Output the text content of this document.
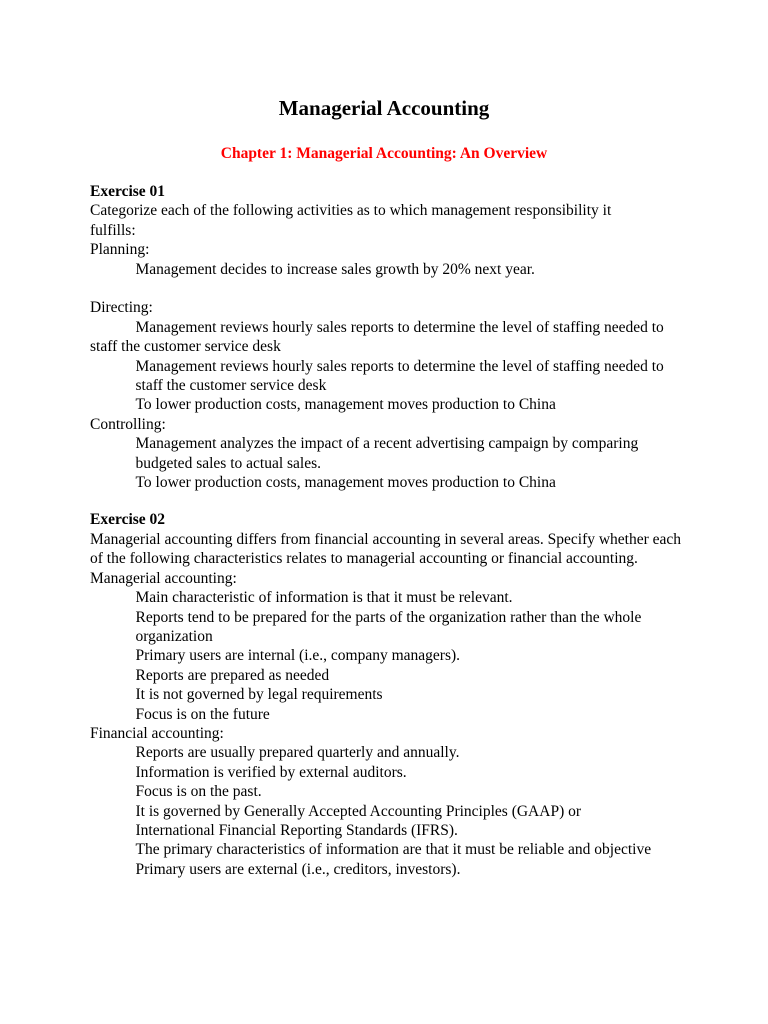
Managerial Accounting
Chapter 1: Managerial Accounting: An Overview
Exercise 01
Categorize each of the following activities as to which management responsibility it fulfills:
Planning:
Management decides to increase sales growth by 20% next year.
Directing:
Management reviews hourly sales reports to determine the level of staffing needed to staff the customer service desk
Management reviews hourly sales reports to determine the level of staffing needed to staff the customer service desk
To lower production costs, management moves production to China
Controlling:
Management analyzes the impact of a recent advertising campaign by comparing budgeted sales to actual sales.
To lower production costs, management moves production to China
Exercise 02
Managerial accounting differs from financial accounting in several areas. Specify whether each of the following characteristics relates to managerial accounting or financial accounting.
Managerial accounting:
Main characteristic of information is that it must be relevant.
Reports tend to be prepared for the parts of the organization rather than the whole organization
Primary users are internal (i.e., company managers).
Reports are prepared as needed
It is not governed by legal requirements
Focus is on the future
Financial accounting:
Reports are usually prepared quarterly and annually.
Information is verified by external auditors.
Focus is on the past.
It is governed by Generally Accepted Accounting Principles (GAAP) or International Financial Reporting Standards (IFRS).
The primary characteristics of information are that it must be reliable and objective
Primary users are external (i.e., creditors, investors).
